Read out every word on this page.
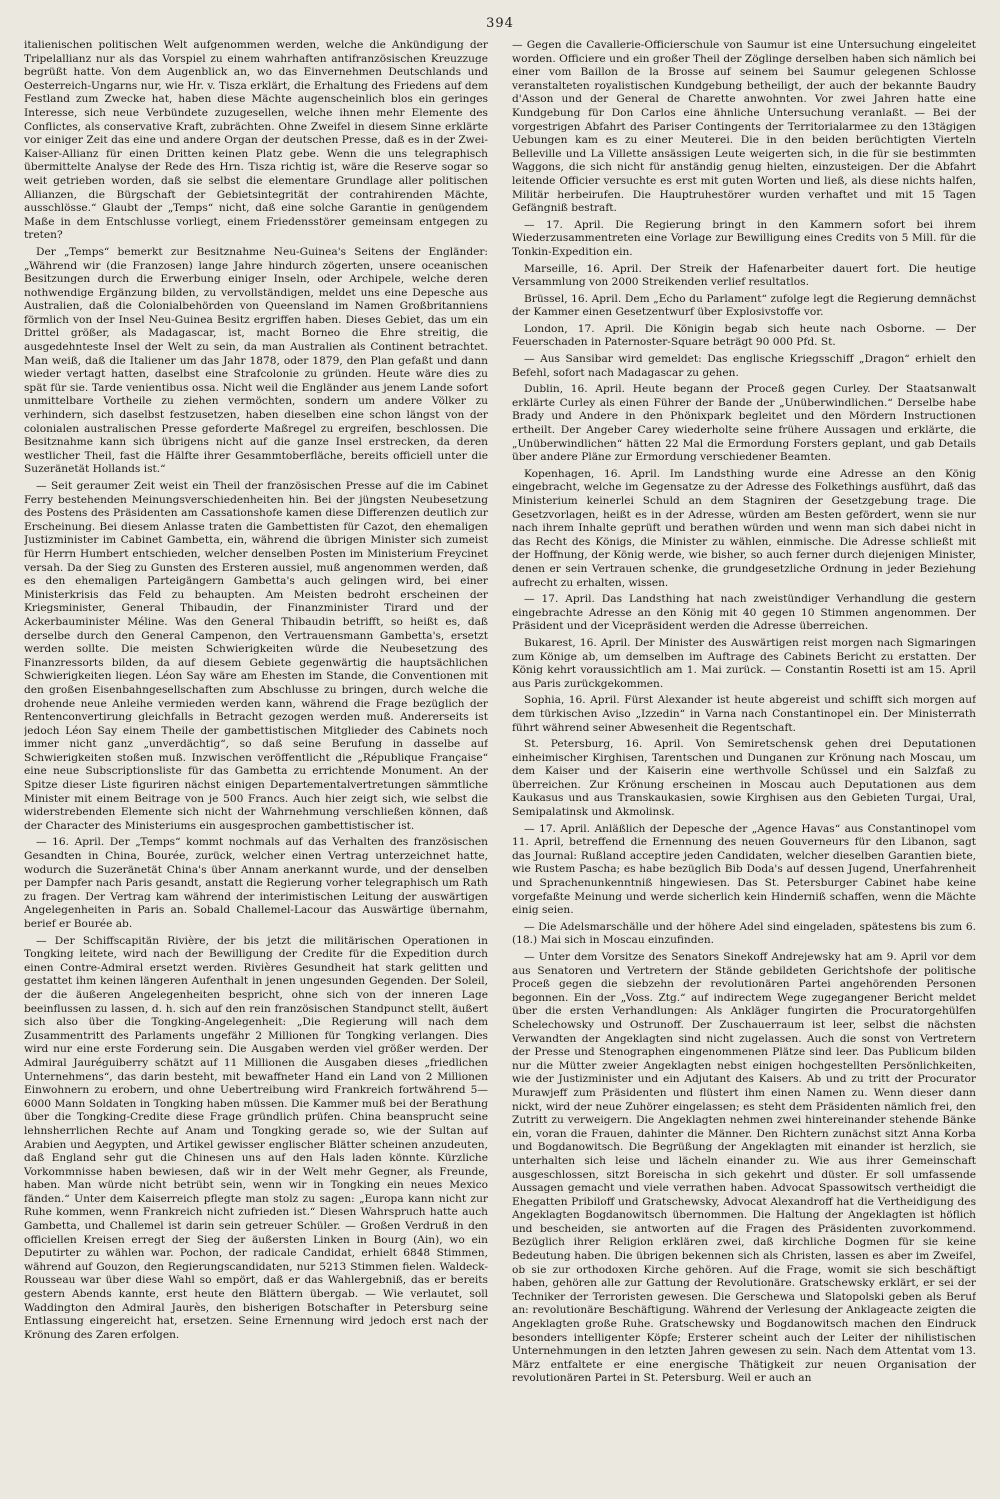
394

italienischen politischen Welt aufgenommen werden, welche die Ankündigung der Tripelallianz nur als das Vorspiel zu einem wahrhaften antifranzösischen Kreuzzuge begrüßt hatte. Von dem Augenblick an, wo das Einvernehmen Deutschlands und Oesterreich-Ungarns nur, wie Hr. v. Tisza erklärt, die Erhaltung des Friedens auf dem Festland zum Zwecke hat, haben diese Mächte augenscheinlich blos ein geringes Interesse, sich neue Verbündete zuzugesellen, welche ihnen mehr Elemente des Conflictes, als conservative Kraft, zubrächten. Ohne Zweifel in diesem Sinne erklärte vor einiger Zeit das eine und andere Organ der deutschen Presse, daß es in der Zwei-Kaiser-Allianz für einen Dritten keinen Platz gebe. Wenn die uns telegraphisch übermittelte Analyse der Rede des Hrn. Tisza richtig ist, wäre die Reserve sogar so weit getrieben worden, daß sie selbst die elementare Grundlage aller politischen Allianzen, die Bürgschaft der Gebietsintegrität der contrahirenden Mächte, ausschlösse.“ Glaubt der „Temps“ nicht, daß eine solche Garantie in genügendem Maße in dem Entschlusse vorliegt, einem Friedensstörer gemeinsam entgegen zu treten?

Der „Temps“ bemerkt zur Besitznahme Neu-Guinea's Seitens der Engländer: „Während wir (die Franzosen) lange Jahre hindurch zögerten, unsere oceanischen Besitzungen durch die Erwerbung einiger Inseln, oder Archipele, welche deren nothwendige Ergänzung bilden, zu vervollständigen, meldet uns eine Depesche aus Australien, daß die Colonialbehörden von Queensland im Namen Großbritanniens förmlich von der Insel Neu-Guinea Besitz ergriffen haben. Dieses Gebiet, das um ein Drittel größer, als Madagascar, ist, macht Borneo die Ehre streitig, die ausgedehnteste Insel der Welt zu sein, da man Australien als Continent betrachtet. Man weiß, daß die Italiener um das Jahr 1878, oder 1879, den Plan gefaßt und dann wieder vertagt hatten, daselbst eine Strafcolonie zu gründen. Heute wäre dies zu spät für sie. Tarde venientibus ossa. Nicht weil die Engländer aus jenem Lande sofort unmittelbare Vortheile zu ziehen vermöchten, sondern um andere Völker zu verhindern, sich daselbst festzusetzen, haben dieselben eine schon längst von der colonialen australischen Presse geforderte Maßregel zu ergreifen, beschlossen. Die Besitznahme kann sich übrigens nicht auf die ganze Insel erstrecken, da deren westlicher Theil, fast die Hälfte ihrer Gesammtoberfläche, bereits officiell unter die Suzeränetät Hollands ist.“

— Seit geraumer Zeit weist ein Theil der französischen Presse auf die im Cabinet Ferry bestehenden Meinungsverschiedenheiten hin. Bei der jüngsten Neubesetzung des Postens des Präsidenten am Cassationshofe kamen diese Differenzen deutlich zur Erscheinung. Bei diesem Anlasse traten die Gambettisten für Cazot, den ehemaligen Justizminister im Cabinet Gambetta, ein, während die übrigen Minister sich zumeist für Herrn Humbert entschieden, welcher denselben Posten im Ministerium Freycinet versah. Da der Sieg zu Gunsten des Ersteren aussiel, muß angenommen werden, daß es den ehemaligen Parteigängern Gambetta's auch gelingen wird, bei einer Ministerkrisis das Feld zu behaupten. Am Meisten bedroht erscheinen der Kriegsminister, General Thibaudin, der Finanzminister Tirard und der Ackerbauminister Méline. Was den General Thibaudin betrifft, so heißt es, daß derselbe durch den General Campenon, den Vertrauensmann Gambetta's, ersetzt werden sollte. Die meisten Schwierigkeiten würde die Neubesetzung des Finanzressorts bilden, da auf diesem Gebiete gegenwärtig die hauptsächlichen Schwierigkeiten liegen. Léon Say wäre am Ehesten im Stande, die Conventionen mit den großen Eisenbahngesellschaften zum Abschlusse zu bringen, durch welche die drohende neue Anleihe vermieden werden kann, während die Frage bezüglich der Rentenconvertirung gleichfalls in Betracht gezogen werden muß. Andererseits ist jedoch Léon Say einem Theile der gambettistischen Mitglieder des Cabinets noch immer nicht ganz „unverdächtig“, so daß seine Berufung in dasselbe auf Schwierigkeiten stoßen muß. Inzwischen veröffentlicht die „République Française“ eine neue Subscriptionsliste für das Gambetta zu errichtende Monument. An der Spitze dieser Liste figuriren nächst einigen Departementalvertretungen sämmtliche Minister mit einem Beitrage von je 500 Francs. Auch hier zeigt sich, wie selbst die widerstrebenden Elemente sich nicht der Wahrnehmung verschließen können, daß der Character des Ministeriums ein ausgesprochen gambettistischer ist.

— 16. April. Der „Temps“ kommt nochmals auf das Verhalten des französischen Gesandten in China, Bourée, zurück, welcher einen Vertrag unterzeichnet hatte, wodurch die Suzeränetät China's über Annam anerkannt wurde, und der denselben per Dampfer nach Paris gesandt, anstatt die Regierung vorher telegraphisch um Rath zu fragen. Der Vertrag kam während der interimistischen Leitung der auswärtigen Angelegenheiten in Paris an. Sobald Challemel-Lacour das Auswärtige übernahm, berief er Bourée ab.

— Der Schiffscapitän Rivière, der bis jetzt die militärischen Operationen in Tongking leitete, wird nach der Bewilligung der Credite für die Expedition durch einen Contre-Admiral ersetzt werden. Rivières Gesundheit hat stark gelitten und gestattet ihm keinen längeren Aufenthalt in jenen ungesunden Gegenden. Der Soleil, der die äußeren Angelegenheiten bespricht, ohne sich von der inneren Lage beeinflussen zu lassen, d. h. sich auf den rein französischen Standpunct stellt, äußert sich also über die Tongking-Angelegenheit: „Die Regierung will nach dem Zusammentritt des Parlaments ungefähr 2 Millionen für Tongking verlangen. Dies wird nur eine erste Forderung sein. Die Ausgaben werden viel größer werden. Der Admiral Jauréguiberry schätzt auf 11 Millionen die Ausgaben dieses „friedlichen Unternehmens“, das darin besteht, mit bewaffneter Hand ein Land von 2 Millionen Einwohnern zu erobern, und ohne Uebertreibung wird Frankreich fortwährend 5—6000 Mann Soldaten in Tongking haben müssen. Die Kammer muß bei der Berathung über die Tongking-Credite diese Frage gründlich prüfen. China beansprucht seine lehnsherrlichen Rechte auf Anam und Tongking gerade so, wie der Sultan auf Arabien und Aegypten, und Artikel gewisser englischer Blätter scheinen anzudeuten, daß England sehr gut die Chinesen uns auf den Hals laden könnte. Kürzliche Vorkommnisse haben bewiesen, daß wir in der Welt mehr Gegner, als Freunde, haben. Man würde nicht betrübt sein, wenn wir in Tongking ein neues Mexico fänden.“ Unter dem Kaiserreich pflegte man stolz zu sagen: „Europa kann nicht zur Ruhe kommen, wenn Frankreich nicht zufrieden ist.“ Diesen Wahrspruch hatte auch Gambetta, und Challemel ist darin sein getreuer Schüler. — Großen Verdruß in den officiellen Kreisen erregt der Sieg der äußersten Linken in Bourg (Ain), wo ein Deputirter zu wählen war. Pochon, der radicale Candidat, erhielt 6848 Stimmen, während auf Gouzon, den Regierungscandidaten, nur 5213 Stimmen fielen. Waldeck-Rousseau war über diese Wahl so empört, daß er das Wahlergebniß, das er bereits gestern Abends kannte, erst heute den Blättern übergab. — Wie verlautet, soll Waddington den Admiral Jaurès, den bisherigen Botschafter in Petersburg seine Entlassung eingereicht hat, ersetzen. Seine Ernennung wird jedoch erst nach der Krönung des Zaren erfolgen.

— Gegen die Cavallerie-Officierschule von Saumur ist eine Untersuchung eingeleitet worden. Officiere und ein großer Theil der Zöglinge derselben haben sich nämlich bei einer vom Baillon de la Brosse auf seinem bei Saumur gelegenen Schlosse veranstalteten royalistischen Kundgebung betheiligt, der auch der bekannte Baudry d'Asson und der General de Charette anwohnten. Vor zwei Jahren hatte eine Kundgebung für Don Carlos eine ähnliche Untersuchung veranlaßt. — Bei der vorgestrigen Abfahrt des Pariser Contingents der Territorialarmee zu den 13tägigen Uebungen kam es zu einer Meuterei. Die in den beiden berüchtigten Vierteln Belleville und La Villette ansässigen Leute weigerten sich, in die für sie bestimmten Waggons, die sich nicht für anständig genug hielten, einzusteigen. Der die Abfahrt leitende Officier versuchte es erst mit guten Worten und ließ, als diese nichts halfen, Militär herbeirufen. Die Hauptruhestörer wurden verhaftet und mit 15 Tagen Gefängniß bestraft.

— 17. April. Die Regierung bringt in den Kammern sofort bei ihrem Wiederzusammentreten eine Vorlage zur Bewilligung eines Credits von 5 Mill. für die Tonkin-Expedition ein.

Marseille, 16. April. Der Streik der Hafenarbeiter dauert fort. Die heutige Versammlung von 2000 Streikenden verlief resultatlos.

Brüssel, 16. April. Dem „Echo du Parlament“ zufolge legt die Regierung demnächst der Kammer einen Gesetzentwurf über Explosivstoffe vor.

London, 17. April. Die Königin begab sich heute nach Osborne. — Der Feuerschaden in Paternoster-Square beträgt 90 000 Pfd. St.

— Aus Sansibar wird gemeldet: Das englische Kriegsschiff „Dragon“ erhielt den Befehl, sofort nach Madagascar zu gehen.

Dublin, 16. April. Heute begann der Proceß gegen Curley. Der Staatsanwalt erklärte Curley als einen Führer der Bande der „Unüberwindlichen.“ Derselbe habe Brady und Andere in den Phönixpark begleitet und den Mördern Instructionen ertheilt. Der Angeber Carey wiederholte seine frühere Aussagen und erklärte, die „Unüberwindlichen“ hätten 22 Mal die Ermordung Forsters geplant, und gab Details über andere Pläne zur Ermordung verschiedener Beamten.

Kopenhagen, 16. April. Im Landsthing wurde eine Adresse an den König eingebracht, welche im Gegensatze zu der Adresse des Folkethings ausführt, daß das Ministerium keinerlei Schuld an dem Stagniren der Gesetzgebung trage. Die Gesetzvorlagen, heißt es in der Adresse, würden am Besten gefördert, wenn sie nur nach ihrem Inhalte geprüft und berathen würden und wenn man sich dabei nicht in das Recht des Königs, die Minister zu wählen, einmische. Die Adresse schließt mit der Hoffnung, der König werde, wie bisher, so auch ferner durch diejenigen Minister, denen er sein Vertrauen schenke, die grundgesetzliche Ordnung in jeder Beziehung aufrecht zu erhalten, wissen.

— 17. April. Das Landsthing hat nach zweistündiger Verhandlung die gestern eingebrachte Adresse an den König mit 40 gegen 10 Stimmen angenommen. Der Präsident und der Vicepräsident werden die Adresse überreichen.

Bukarest, 16. April. Der Minister des Auswärtigen reist morgen nach Sigmaringen zum Könige ab, um demselben im Auftrage des Cabinets Bericht zu erstatten. Der König kehrt voraussichtlich am 1. Mai zurück. — Constantin Rosetti ist am 15. April aus Paris zurückgekommen.

Sophia, 16. April. Fürst Alexander ist heute abgereist und schifft sich morgen auf dem türkischen Aviso „Izzedin“ in Varna nach Constantinopel ein. Der Ministerrath führt während seiner Abwesenheit die Regentschaft.

St. Petersburg, 16. April. Von Semiretschensk gehen drei Deputationen einheimischer Kirghisen, Tarentschen und Dunganen zur Krönung nach Moscau, um dem Kaiser und der Kaiserin eine werthvolle Schüssel und ein Salzfaß zu überreichen. Zur Krönung erscheinen in Moscau auch Deputationen aus dem Kaukasus und aus Transkaukasien, sowie Kirghisen aus den Gebieten Turgai, Ural, Semipalatinsk und Akmolinsk.

— 17. April. Anläßlich der Depesche der „Agence Havas“ aus Constantinopel vom 11. April, betreffend die Ernennung des neuen Gouverneurs für den Libanon, sagt das Journal: Rußland acceptire jeden Candidaten, welcher dieselben Garantien biete, wie Rustem Pascha; es habe bezüglich Bib Doda's auf dessen Jugend, Unerfahrenheit und Sprachenunkenntniß hingewiesen. Das St. Petersburger Cabinet habe keine vorgefaßte Meinung und werde sicherlich kein Hinderniß schaffen, wenn die Mächte einig seien.

— Die Adelsmarschälle und der höhere Adel sind eingeladen, spätestens bis zum 6. (18.) Mai sich in Moscau einzufinden.

— Unter dem Vorsitze des Senators Sinekoff Andrejewsky hat am 9. April vor dem aus Senatoren und Vertretern der Stände gebildeten Gerichtshofe der politische Proceß gegen die siebzehn der revolutionären Partei angehörenden Personen begonnen. Ein der „Voss. Ztg.“ auf indirectem Wege zugegangener Bericht meldet über die ersten Verhandlungen: Als Ankläger fungirten die Procuratorgehülfen Schelechowsky und Ostrunoff. Der Zuschauerraum ist leer, selbst die nächsten Verwandten der Angeklagten sind nicht zugelassen. Auch die sonst von Vertretern der Presse und Stenographen eingenommenen Plätze sind leer. Das Publicum bilden nur die Mütter zweier Angeklagten nebst einigen hochgestellten Persönlichkeiten, wie der Justizminister und ein Adjutant des Kaisers. Ab und zu tritt der Procurator Murawjeff zum Präsidenten und flüstert ihm einen Namen zu. Wenn dieser dann nickt, wird der neue Zuhörer eingelassen; es steht dem Präsidenten nämlich frei, den Zutritt zu verweigern. Die Angeklagten nehmen zwei hintereinander stehende Bänke ein, voran die Frauen, dahinter die Männer. Den Richtern zunächst sitzt Anna Korba und Bogdanowitsch. Die Begrüßung der Angeklagten mit einander ist herzlich, sie unterhalten sich leise und lächeln einander zu. Wie aus ihrer Gemeinschaft ausgeschlossen, sitzt Boreischa in sich gekehrt und düster. Er soll umfassende Aussagen gemacht und viele verrathen haben. Advocat Spassowitsch vertheidigt die Ehegatten Pribiloff und Gratschewsky, Advocat Alexandroff hat die Vertheidigung des Angeklagten Bogdanowitsch übernommen. Die Haltung der Angeklagten ist höflich und bescheiden, sie antworten auf die Fragen des Präsidenten zuvorkommend. Bezüglich ihrer Religion erklären zwei, daß kirchliche Dogmen für sie keine Bedeutung haben. Die übrigen bekennen sich als Christen, lassen es aber im Zweifel, ob sie zur orthodoxen Kirche gehören. Auf die Frage, womit sie sich beschäftigt haben, gehören alle zur Gattung der Revolutionäre. Gratschewsky erklärt, er sei der Techniker der Terroristen gewesen. Die Gerschewa und Slatopolski geben als Beruf an: revolutionäre Beschäftigung. Während der Verlesung der Anklageacte zeigten die Angeklagten große Ruhe. Gratschewsky und Bogdanowitsch machen den Eindruck besonders intelligenter Köpfe; Ersterer scheint auch der Leiter der nihilistischen Unternehmungen in den letzten Jahren gewesen zu sein. Nach dem Attentat vom 13. März entfaltete er eine energische Thätigkeit zur neuen Organisation der revolutionären Partei in St. Petersburg. Weil er auch an
